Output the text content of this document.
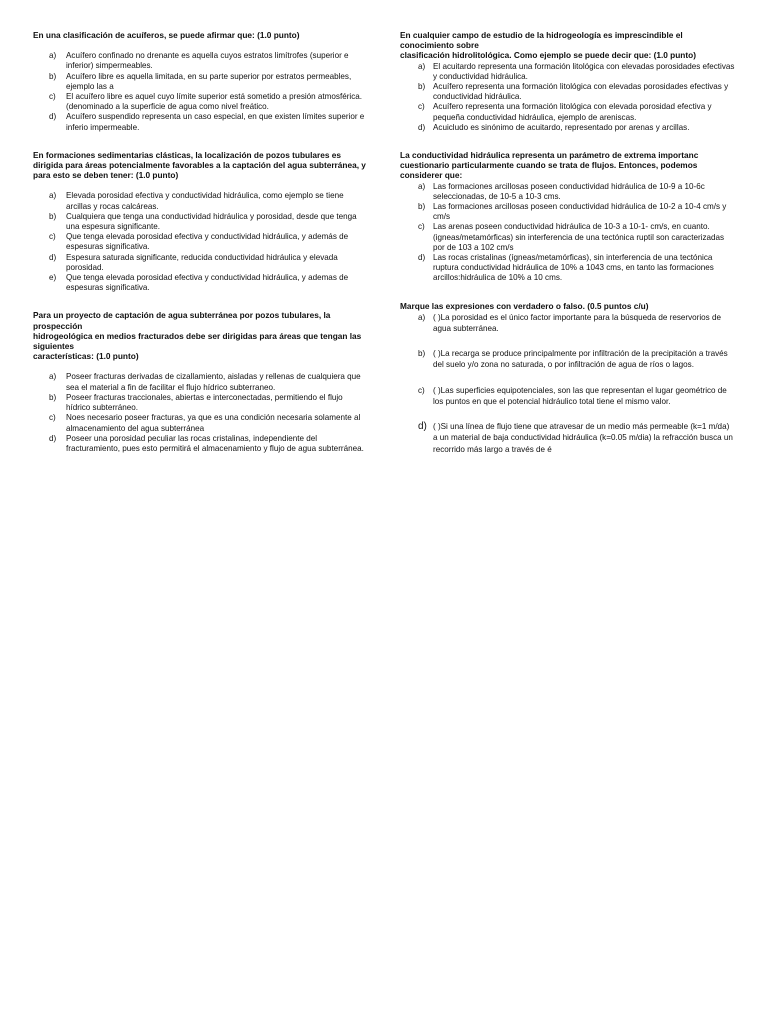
En una clasificación de acuíferos, se puede afirmar que: (1.0 punto)

a) Acuífero confinado no drenante es aquella cuyos estratos limítrofes (superior e inferior) simpermeables.
b) Acuífero libre es aquella limitada, en su parte superior por estratos permeables, ejemplo las a
c) El acuífero libre es aquel cuyo límite superior está sometido a presión atmosférica. (denominado a la superficie de agua como nivel freático.
d) Acuífero suspendido representa un caso especial, en que existen límites superior e inferio impermeable.

En formaciones sedimentarias clásticas, la localización de pozos tubulares es dirigida para áreas potencialmente favorables a la captación del agua subterránea, y para esto se deben tener: (1.0 punto)

a) Elevada porosidad efectiva y conductividad hidráulica, como ejemplo se tiene arcillas y rocas calcáreas.
b) Cualquiera que tenga una conductividad hidráulica y porosidad, desde que tenga una espesura significante.
c) Que tenga elevada porosidad efectiva y conductividad hidráulica, y además de espesuras significativa.
d) Espesura saturada significante, reducida conductividad hidráulica y elevada porosidad.
e) Que tenga elevada porosidad efectiva y conductividad hidráulica, y ademas de espesuras significativa.

Para un proyecto de captación de agua subterránea por pozos tubulares, la prospección
hidrogeológica en medios fracturados debe ser dirigidas para áreas que tengan las siguientes
características: (1.0 punto)

a) Poseer fracturas derivadas de cizallamiento, aisladas y rellenas de cualquiera que sea el material a fin de facilitar el flujo hídrico subterraneo.
b) Poseer fracturas traccionales, abiertas e interconectadas, permitiendo el flujo hídrico subterráneo.
c) Noes necesario poseer fracturas, ya que es una condición necesaria solamente al almacenamiento del agua subterránea
d) Poseer una porosidad peculiar las rocas cristalinas, independiente del fracturamiento, pues esto permitirá el almacenamiento y flujo de agua subterránea.

En cualquier campo de estudio de la hidrogeología es imprescindible el conocimiento sobre
clasificación hidrolitológica. Como ejemplo se puede decir que: (1.0 punto)

a) El acuitardo representa una formación litológica con elevadas porosidades efectivas y conductividad hidráulica.
b) Acuífero representa una formación litológica con elevadas porosidades efectivas y conductividad hidráulica.
c) Acuífero representa una formación litológica con elevada porosidad efectiva y pequeña conductividad hidráulica, ejemplo de areniscas.
d) Acuicludo es sinónimo de acuitardo, representado por arenas y arcillas.

La conductividad hidráulica representa un parámetro de extrema importanc cuestionario particularmente cuando se trata de flujos. Entonces, podemos considerer que:

a) Las formaciones arcillosas poseen conductividad hidráulica de 10-9 a 10-6c seleccionadas, de 10-5 a 10-3 cms.
b) Las formaciones arcillosas poseen conductividad hidráulica de 10-2 a 10-4 cm/s y cm/s
c) Las arenas poseen conductividad hidráulica de 10-3 a 10-1- cm/s, en cuanto.(igneas/metamórficas) sin interferencia de una tectónica ruptil son caracterizadas por de 103 a 102 cm/s
d) Las rocas cristalinas (ígneas/metamórficas), sin interferencia de una tectónica ruptura conductividad hidráulica de 10% a 1043 cms, en tanto las formaciones arcillos:hidráulica de 10% a 10 cms.

Marque las expresiones con verdadero o falso. (0.5 puntos c/u)

a) ( )La porosidad es el único factor importante para la búsqueda de reservorios de agua subterránea.
b) ( )La recarga se produce principalmente por infiltración de la precipitación a través del suelo y/o zona no saturada, o por infiltración de agua de ríos o lagos.
c) ( )Las superficies equipotenciales, son las que representan el lugar geométrico de los puntos en que el potencial hidráulico total tiene el mismo valor.
d) ( )Si una línea de flujo tiene que atravesar de un medio más permeable (k=1 m/da) a un material de baja conductividad hidráulica (k=0.05 m/dia) la refracción busca un recorrido más largo a través de é
